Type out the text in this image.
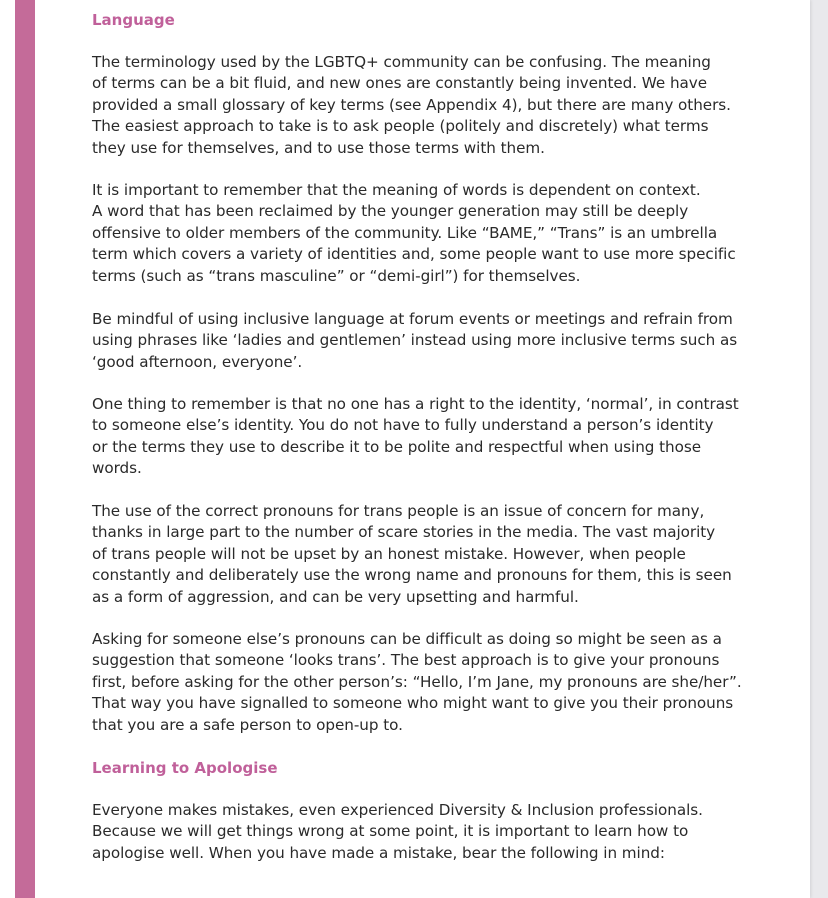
Language
The terminology used by the LGBTQ+ community can be confusing. The meaning
of terms can be a bit fluid, and new ones are constantly being invented. We have
provided a small glossary of key terms (see Appendix 4), but there are many others.
The easiest approach to take is to ask people (politely and discretely) what terms
they use for themselves, and to use those terms with them.
It is important to remember that the meaning of words is dependent on context.
A word that has been reclaimed by the younger generation may still be deeply
offensive to older members of the community. Like “BAME,” “Trans” is an umbrella
term which covers a variety of identities and, some people want to use more specific
terms (such as “trans masculine” or “demi-girl”) for themselves.
Be mindful of using inclusive language at forum events or meetings and refrain from
using phrases like ‘ladies and gentlemen’ instead using more inclusive terms such as
‘good afternoon, everyone’.
One thing to remember is that no one has a right to the identity, ‘normal’, in contrast
to someone else’s identity. You do not have to fully understand a person’s identity
or the terms they use to describe it to be polite and respectful when using those
words.
The use of the correct pronouns for trans people is an issue of concern for many,
thanks in large part to the number of scare stories in the media. The vast majority
of trans people will not be upset by an honest mistake. However, when people
constantly and deliberately use the wrong name and pronouns for them, this is seen
as a form of aggression, and can be very upsetting and harmful.
Asking for someone else’s pronouns can be difficult as doing so might be seen as a
suggestion that someone ‘looks trans’. The best approach is to give your pronouns
first, before asking for the other person’s: “Hello, I’m Jane, my pronouns are she/her”.
That way you have signalled to someone who might want to give you their pronouns
that you are a safe person to open-up to.
Learning to Apologise
Everyone makes mistakes, even experienced Diversity & Inclusion professionals.
Because we will get things wrong at some point, it is important to learn how to
apologise well. When you have made a mistake, bear the following in mind:
